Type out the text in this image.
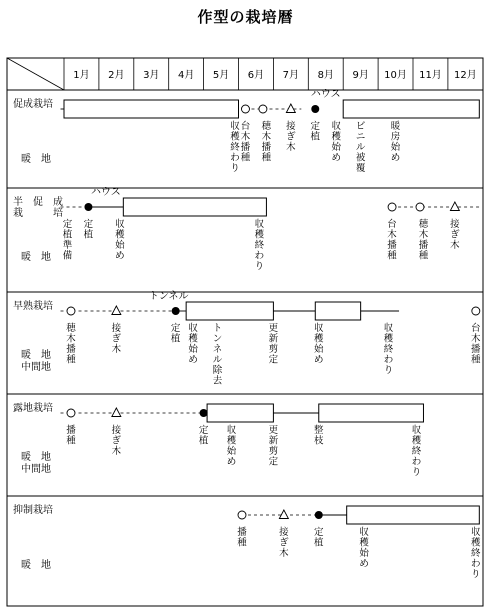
作型の栽培暦
1月 2月 3月 4月 5月 6月 7月 8月 9月 10月 11月 12月
促成栽培
暖　地
ハウス
収
穫
終
わ
り
台
木
播
種
穂
木
播
種
接
ぎ
木
定
植
収
穫
始
め
ビ
ニ
ル
被
覆
暖
房
始
め
半　促　成
栽　　　培
暖　地
ハウス
定
植
準
備
定
植
収
穫
始
め
収
穫
終
わ
り
台
木
播
種
穂
木
播
種
接
ぎ
木
早熟栽培
暖　地
中間地
トンネル
穂
木
播
種
接
ぎ
木
定
植
収
穫
始
め
ト
ン
ネ
ル
除
去
更
新
剪
定
収
穫
始
め
収
穫
終
わ
り
台
木
播
種
露地栽培
暖　地
中間地
播
種
接
ぎ
木
定
植
収
穫
始
め
更
新
剪
定
整
枝
収
穫
終
わ
り
抑制栽培
暖　地
播
種
接
ぎ
木
定
植
収
穫
始
め
収
穫
終
わ
り
